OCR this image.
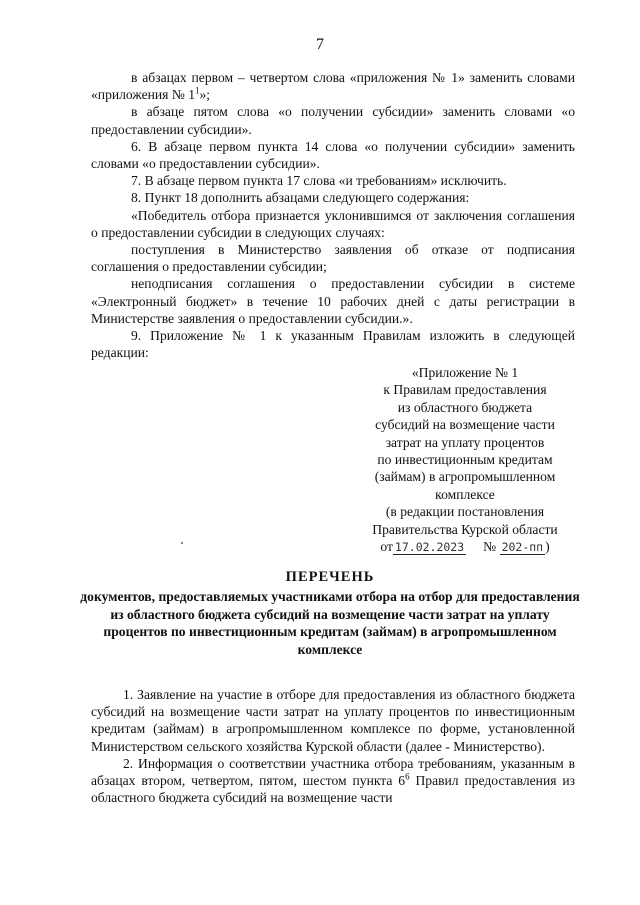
7

в абзацах первом – четвертом слова «приложения № 1» заменить словами «приложения № $1^1$»;

в абзаце пятом слова «о получении субсидии» заменить словами «о предоставлении субсидии».

6. В абзаце первом пункта 14 слова «о получении субсидии» заменить словами «о предоставлении субсидии».

7. В абзаце первом пункта 17 слова «и требованиям» исключить.

8. Пункт 18 дополнить абзацами следующего содержания:

«Победитель отбора признается уклонившимся от заключения соглашения о предоставлении субсидии в следующих случаях:

поступления в Министерство заявления об отказе от подписания соглашения о предоставлении субсидии;

неподписания соглашения о предоставлении субсидии в системе «Электронный бюджет» в течение 10 рабочих дней с даты регистрации в Министерстве заявления о предоставлении субсидии.».

9. Приложение № 1 к указанным Правилам изложить в следующей редакции:

«Приложение № 1
к Правилам предоставления
из областного бюджета
субсидий на возмещение части
затрат на уплату процентов
по инвестиционным кредитам
(займам) в агропромышленном
комплексе
(в редакции постановления
Правительства Курской области
от 17.02.2023 № 202-пп )
ПЕРЕЧЕНЬ
документов, предоставляемых участниками отбора на отбор для предоставления из областного бюджета субсидий на возмещение части затрат на уплату процентов по инвестиционным кредитам (займам) в агропромышленном комплексе

1. Заявление на участие в отборе для предоставления из областного бюджета субсидий на возмещение части затрат на уплату процентов по инвестиционным кредитам (займам) в агропромышленном комплексе по форме, установленной Министерством сельского хозяйства Курской области (далее - Министерство).

2. Информация о соответствии участника отбора требованиям, указанным в абзацах втором, четвертом, пятом, шестом пункта $6^6$ Правил предоставления из областного бюджета субсидий на возмещение части
